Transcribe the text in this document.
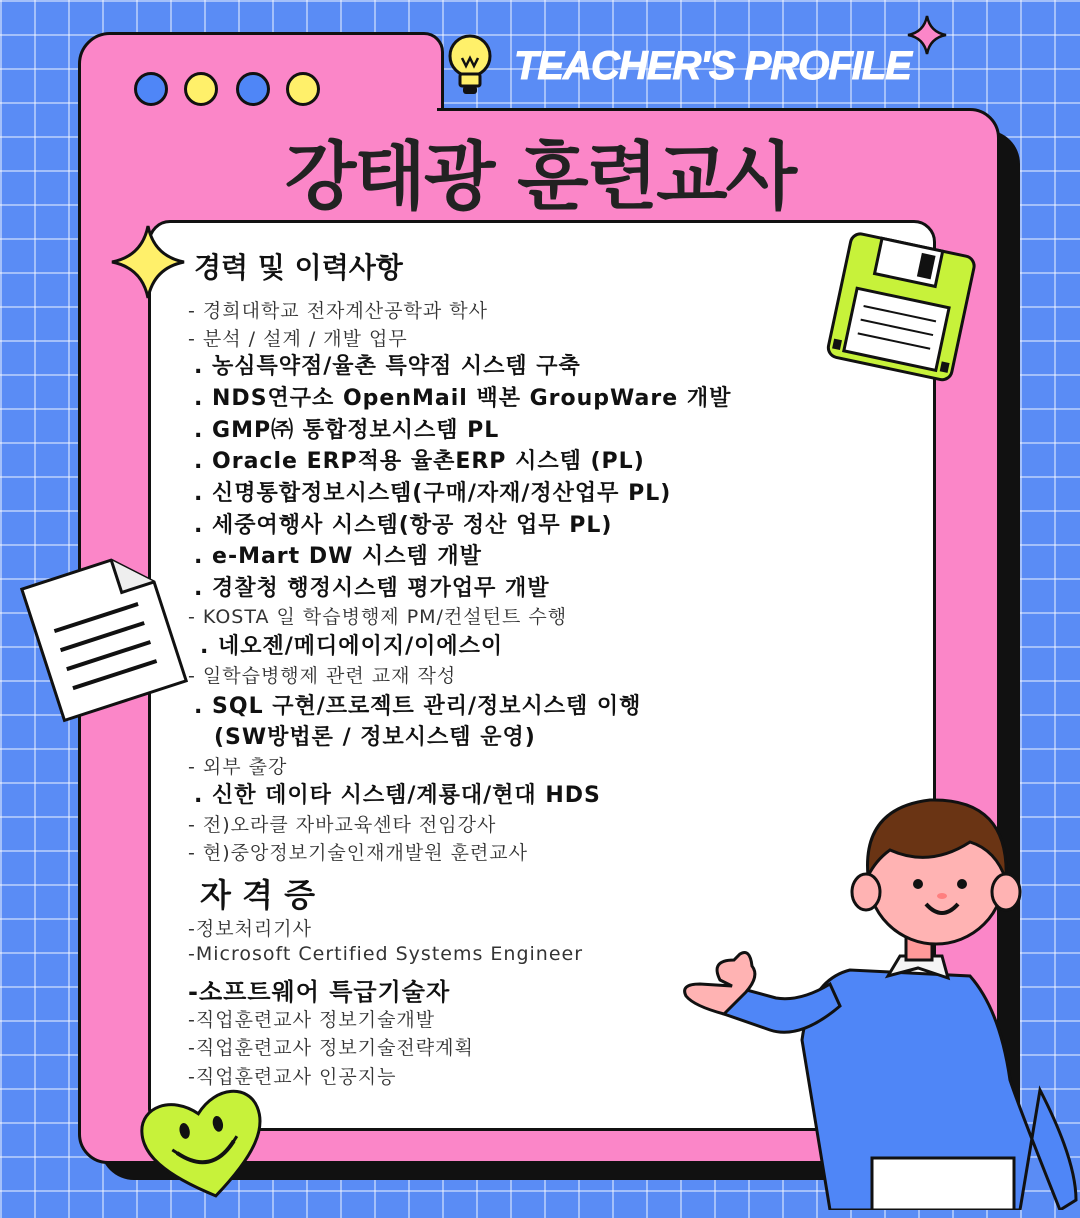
TEACHER'S PROFILE
강태광 훈련교사
경력 및 이력사항
- 경희대학교 전자계산공학과 학사
- 분석 / 설계 / 개발 업무
. 농심특약점/율촌 특약점 시스템 구축
. NDS연구소 OpenMail 백본 GroupWare 개발
. GMP㈜ 통합정보시스템 PL
. Oracle ERP적용 율촌ERP 시스템 (PL)
. 신명통합정보시스템(구매/자재/정산업무 PL)
. 세중여행사 시스템(항공 정산 업무 PL)
. e-Mart DW 시스템 개발
. 경찰청 행정시스템 평가업무 개발
- KOSTA 일 학습병행제 PM/컨설턴트 수행
. 네오젠/메디에이지/이에스이
- 일학습병행제 관련 교재 작성
. SQL 구현/프로젝트 관리/정보시스템 이행
(SW방법론 / 정보시스템 운영)
- 외부 출강
. 신한 데이타 시스템/계룡대/현대 HDS
- 전)오라클 자바교육센타 전임강사
- 현)중앙정보기술인재개발원 훈련교사
자 격 증
-정보처리기사
-Microsoft Certified Systems Engineer
-소프트웨어 특급기술자
-직업훈련교사 정보기술개발
-직업훈련교사 정보기술전략계획
-직업훈련교사 인공지능
